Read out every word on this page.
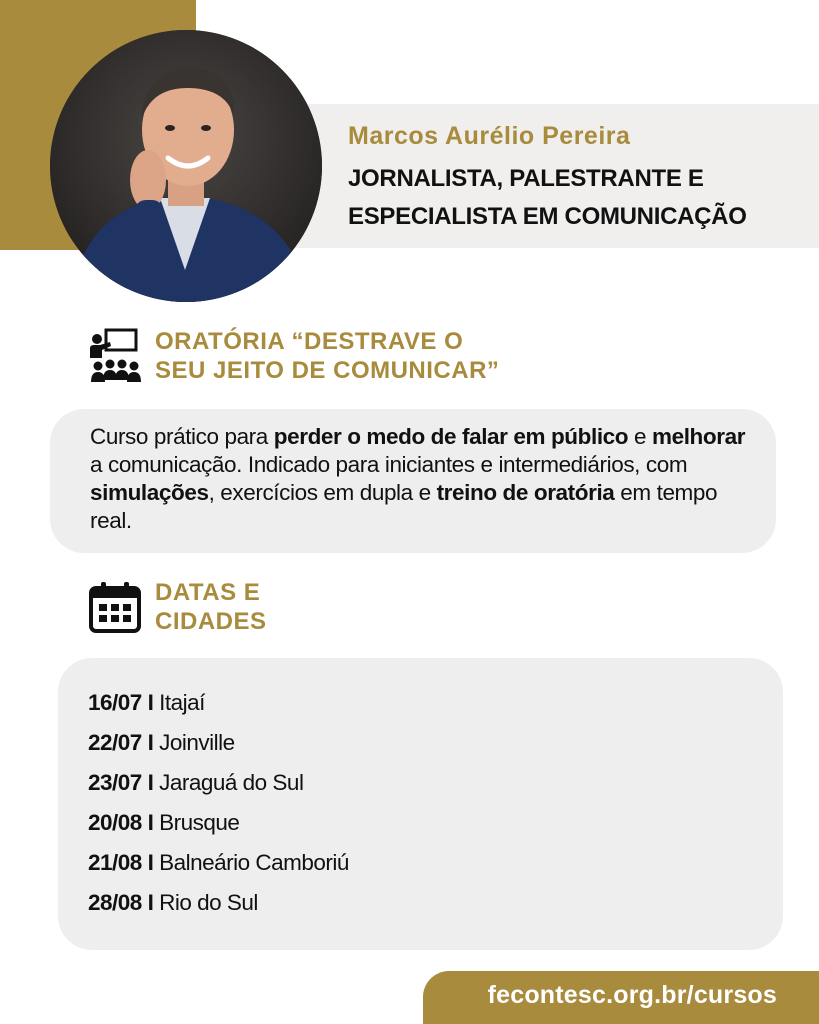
Marcos Aurélio Pereira
JORNALISTA, PALESTRANTE E
ESPECIALISTA EM COMUNICAÇÃO
ORATÓRIA “DESTRAVE O
SEU JEITO DE COMUNICAR”
Curso prático para perder o medo de falar em público e melhorar a comunicação. Indicado para iniciantes e intermediários, com simulações, exercícios em dupla e treino de oratória em tempo real.
DATAS E
CIDADES
16/07 I Itajaí
22/07 I Joinville
23/07 I Jaraguá do Sul
20/08 I Brusque
21/08 I Balneário Camboriú
28/08 I Rio do Sul
fecontesc.org.br/cursos
